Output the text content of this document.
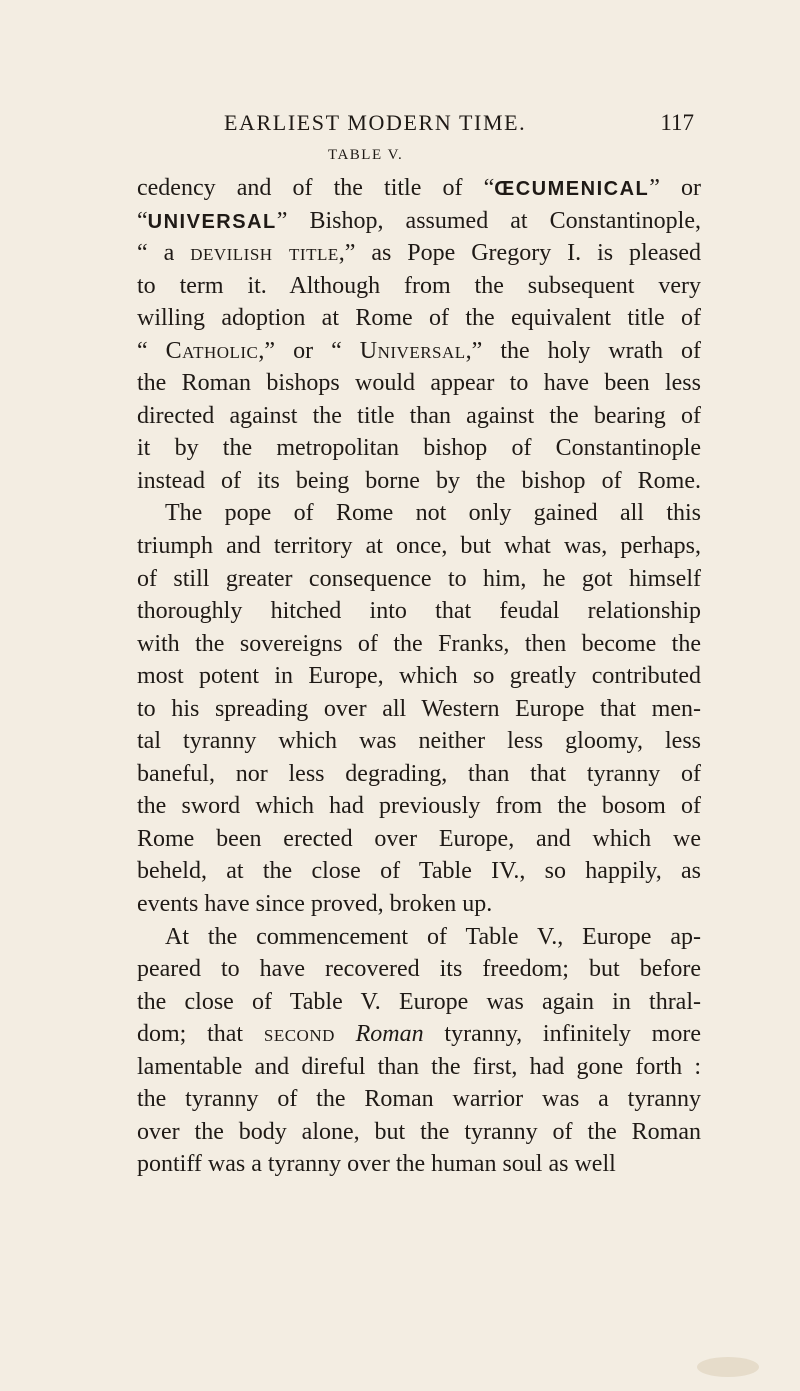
EARLIEST MODERN TIME.	117
TABLE V.
cedency and of the title of “ŒCUMENICAL” or
“UNIVERSAL” Bishop, assumed at Constantinople,
“ a devilish title,” as Pope Gregory I. is pleased
to term it. Although from the subsequent very
willing adoption at Rome of the equivalent title of
“ Catholic,” or “ Universal,” the holy wrath of
the Roman bishops would appear to have been less
directed against the title than against the bearing of
it by the metropolitan bishop of Constantinople
instead of its being borne by the bishop of Rome.
The pope of Rome not only gained all this
triumph and territory at once, but what was, perhaps,
of still greater consequence to him, he got himself
thoroughly hitched into that feudal relationship
with the sovereigns of the Franks, then become the
most potent in Europe, which so greatly contributed
to his spreading over all Western Europe that men-
tal tyranny which was neither less gloomy, less
baneful, nor less degrading, than that tyranny of
the sword which had previously from the bosom of
Rome been erected over Europe, and which we
beheld, at the close of Table IV., so happily, as
events have since proved, broken up.
At the commencement of Table V., Europe ap-
peared to have recovered its freedom; but before
the close of Table V. Europe was again in thral-
dom; that second Roman tyranny, infinitely more
lamentable and direful than the first, had gone forth :
the tyranny of the Roman warrior was a tyranny
over the body alone, but the tyranny of the Roman
pontiff was a tyranny over the human soul as well
